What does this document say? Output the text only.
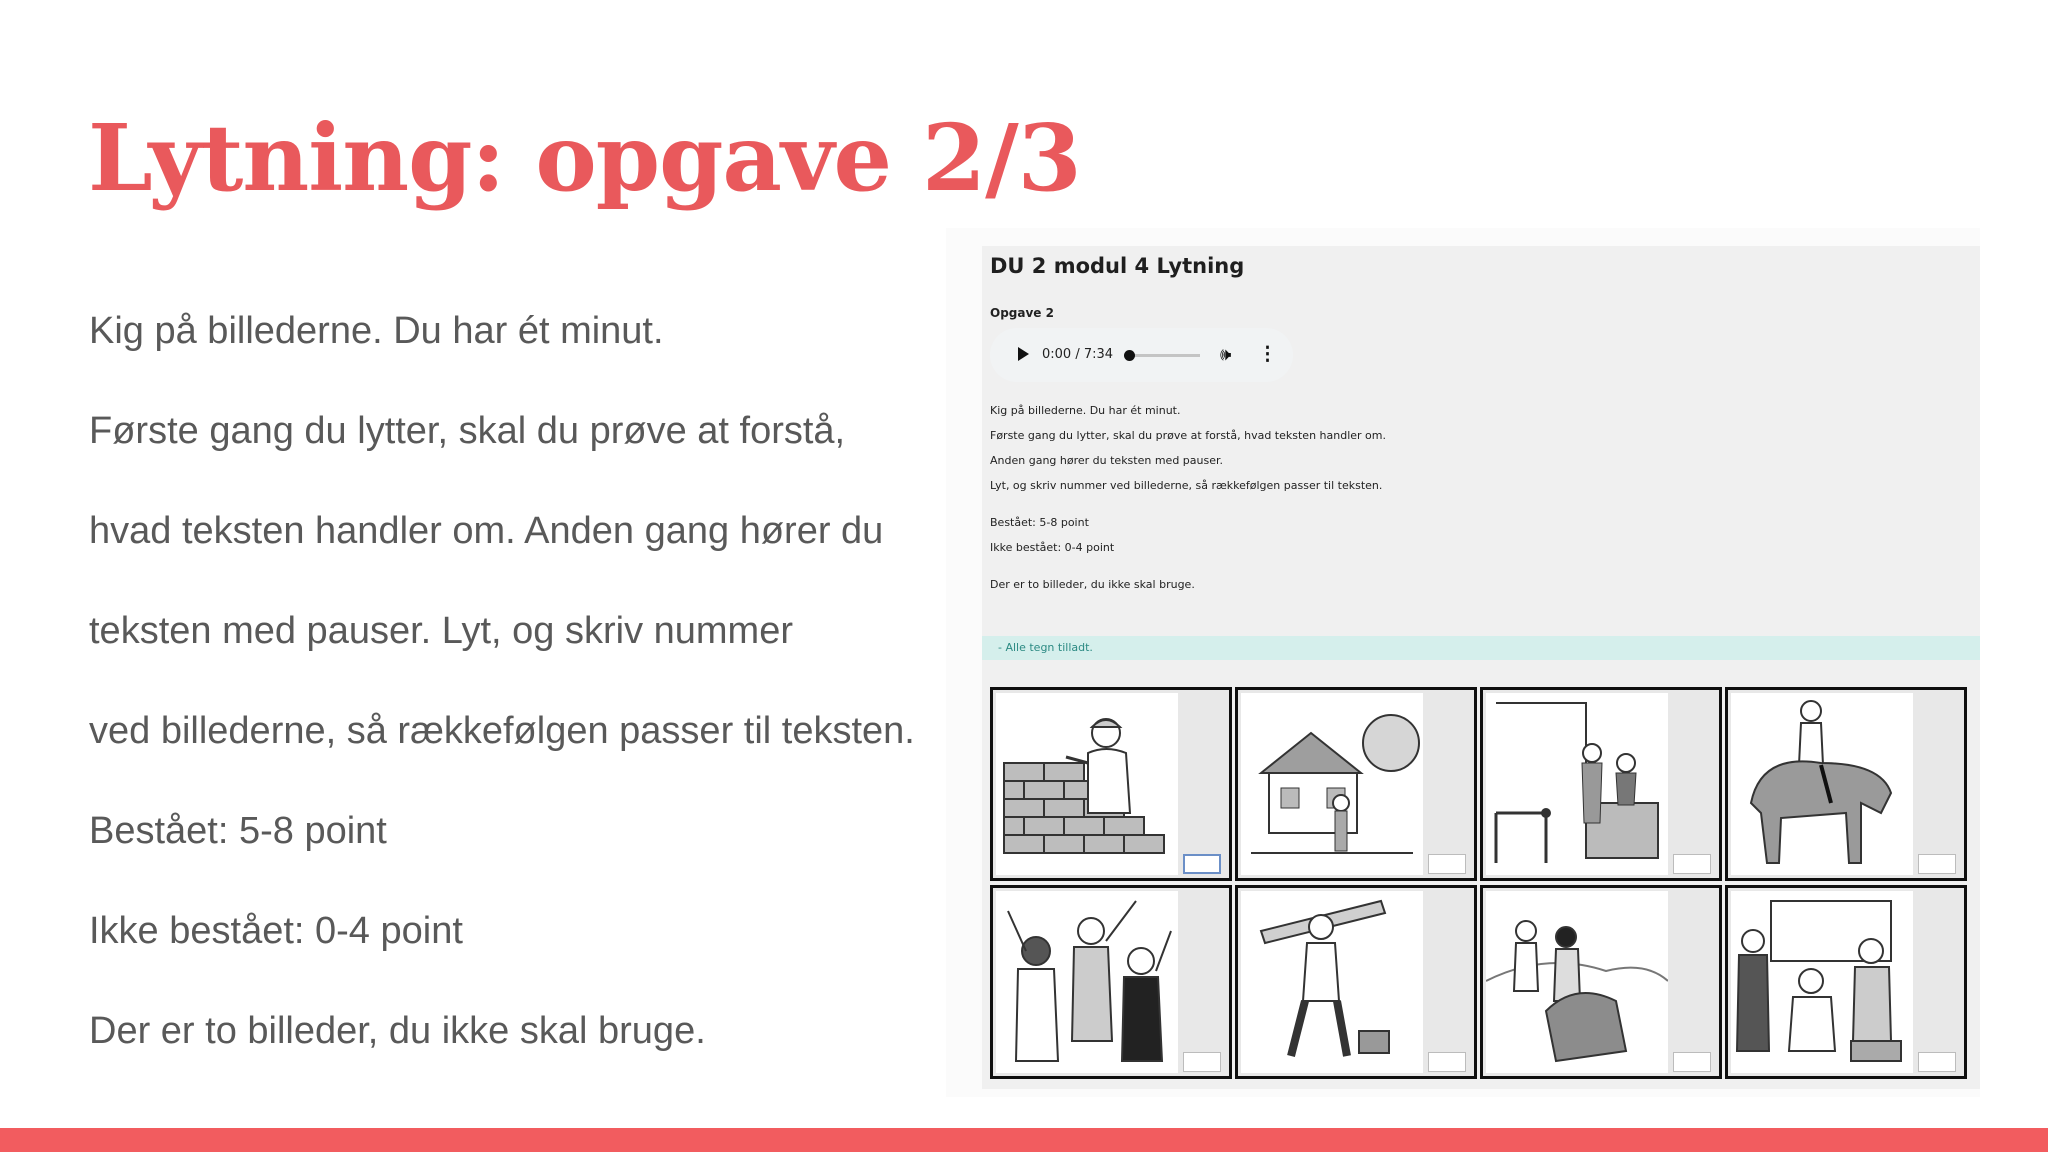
Lytning: opgave 2/3
Kig på billederne. Du har ét minut.
Første gang du lytter, skal du prøve at forstå,
hvad teksten handler om. Anden gang hører du
teksten med pauser. Lyt, og skriv nummer
ved billederne, så rækkefølgen passer til teksten.
Bestået: 5-8 point
Ikke bestået: 0-4 point
Der er to billeder, du ikke skal bruge.
DU 2 modul 4 Lytning
Opgave 2
0:00 / 7:34	🕪 ⋮
Kig på billederne. Du har ét minut.
Første gang du lytter, skal du prøve at forstå, hvad teksten handler om.
Anden gang hører du teksten med pauser.
Lyt, og skriv nummer ved billederne, så rækkefølgen passer til teksten.
Bestået: 5-8 point
Ikke bestået: 0-4 point
Der er to billeder, du ikke skal bruge.
- Alle tegn tilladt.
